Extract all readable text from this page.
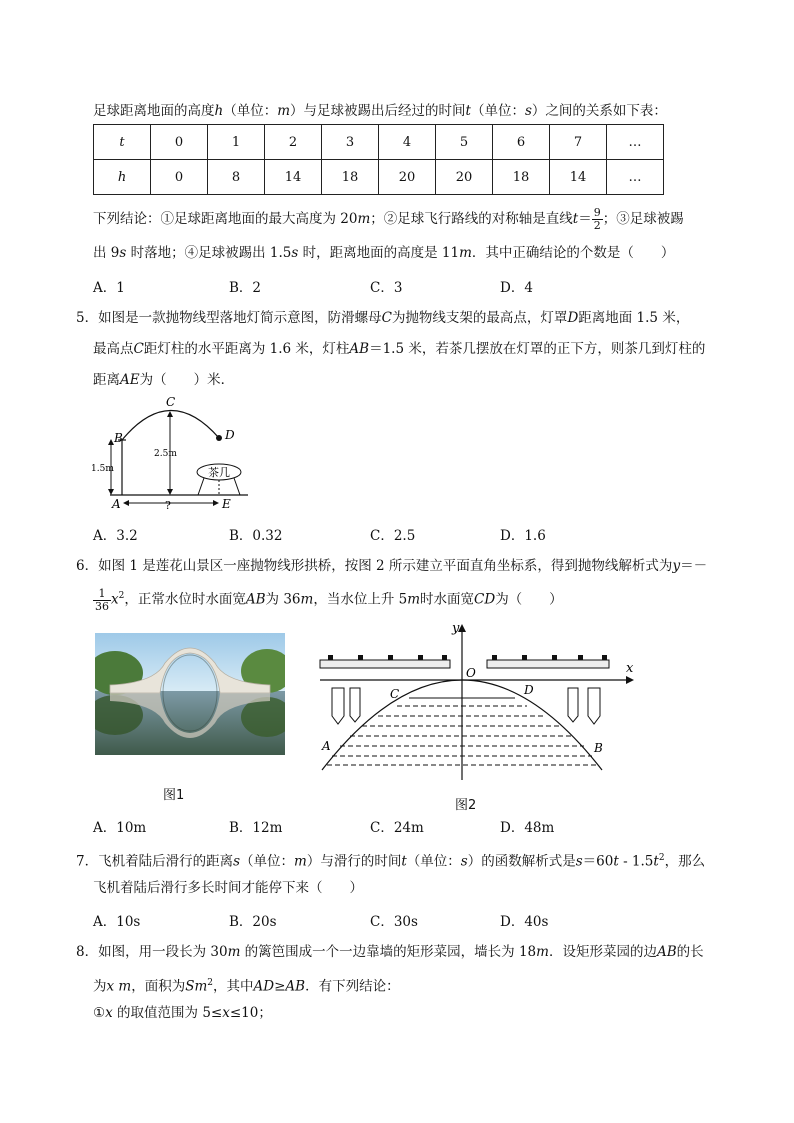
足球距离地面的高度h（单位：m）与足球被踢出后经过的时间t（单位：s）之间的关系如下表：
t	0	1	2	3	4	5	6	7	…
h	0	8	14	18	20	20	18	14	…
下列结论：①足球距离地面的最大高度为 20m；②足球飞行路线的对称轴是直线$t= \frac{9}{2}$ ；③足球被踢
出 9s 时落地；④足球被踢出 1.5s 时，距离地面的高度是 11m．其中正确结论的个数是（　　）
A．1	B．2	C．3	D．4
5．如图是一款抛物线型落地灯简示意图，防滑螺母C为抛物线支架的最高点，灯罩D距离地面 1.5 米，
最高点C距灯柱的水平距离为 1.6 米，灯柱AB＝1.5 米，若茶几摆放在灯罩的正下方，则茶几到灯柱的
距离AE为（　　）米．
C
B	D
A	E
1.5m
2.5m
?
茶几
A．3.2	B．0.32	C．2.5	D．1.6
6．如图 1 是莲花山景区一座抛物线形拱桥，按图 2 所示建立平面直角坐标系，得到抛物线解析式为y＝－
$\frac{1}{36} x^2$，正常水位时水面宽AB为 36m，当水位上升 5m时水面宽CD为（　　）
图1
y
x
O
C	D
A	B
图2
A．10m	B．12m	C．24m	D．48m
7．飞机着陆后滑行的距离s（单位：m）与滑行的时间t（单位：s）的函数解析式是$s=60t - 1.5t^2$，那么
飞机着陆后滑行多长时间才能停下来（　　）
A．10s	B．20s	C．30s	D．40s
8．如图，用一段长为 30m 的篱笆围成一个一边靠墙的矩形菜园，墙长为 18m．设矩形菜园的边AB的长
为x m，面积为Sm$^2$，其中AD≥AB．有下列结论：
①x 的取值范围为 5≤x≤10；
